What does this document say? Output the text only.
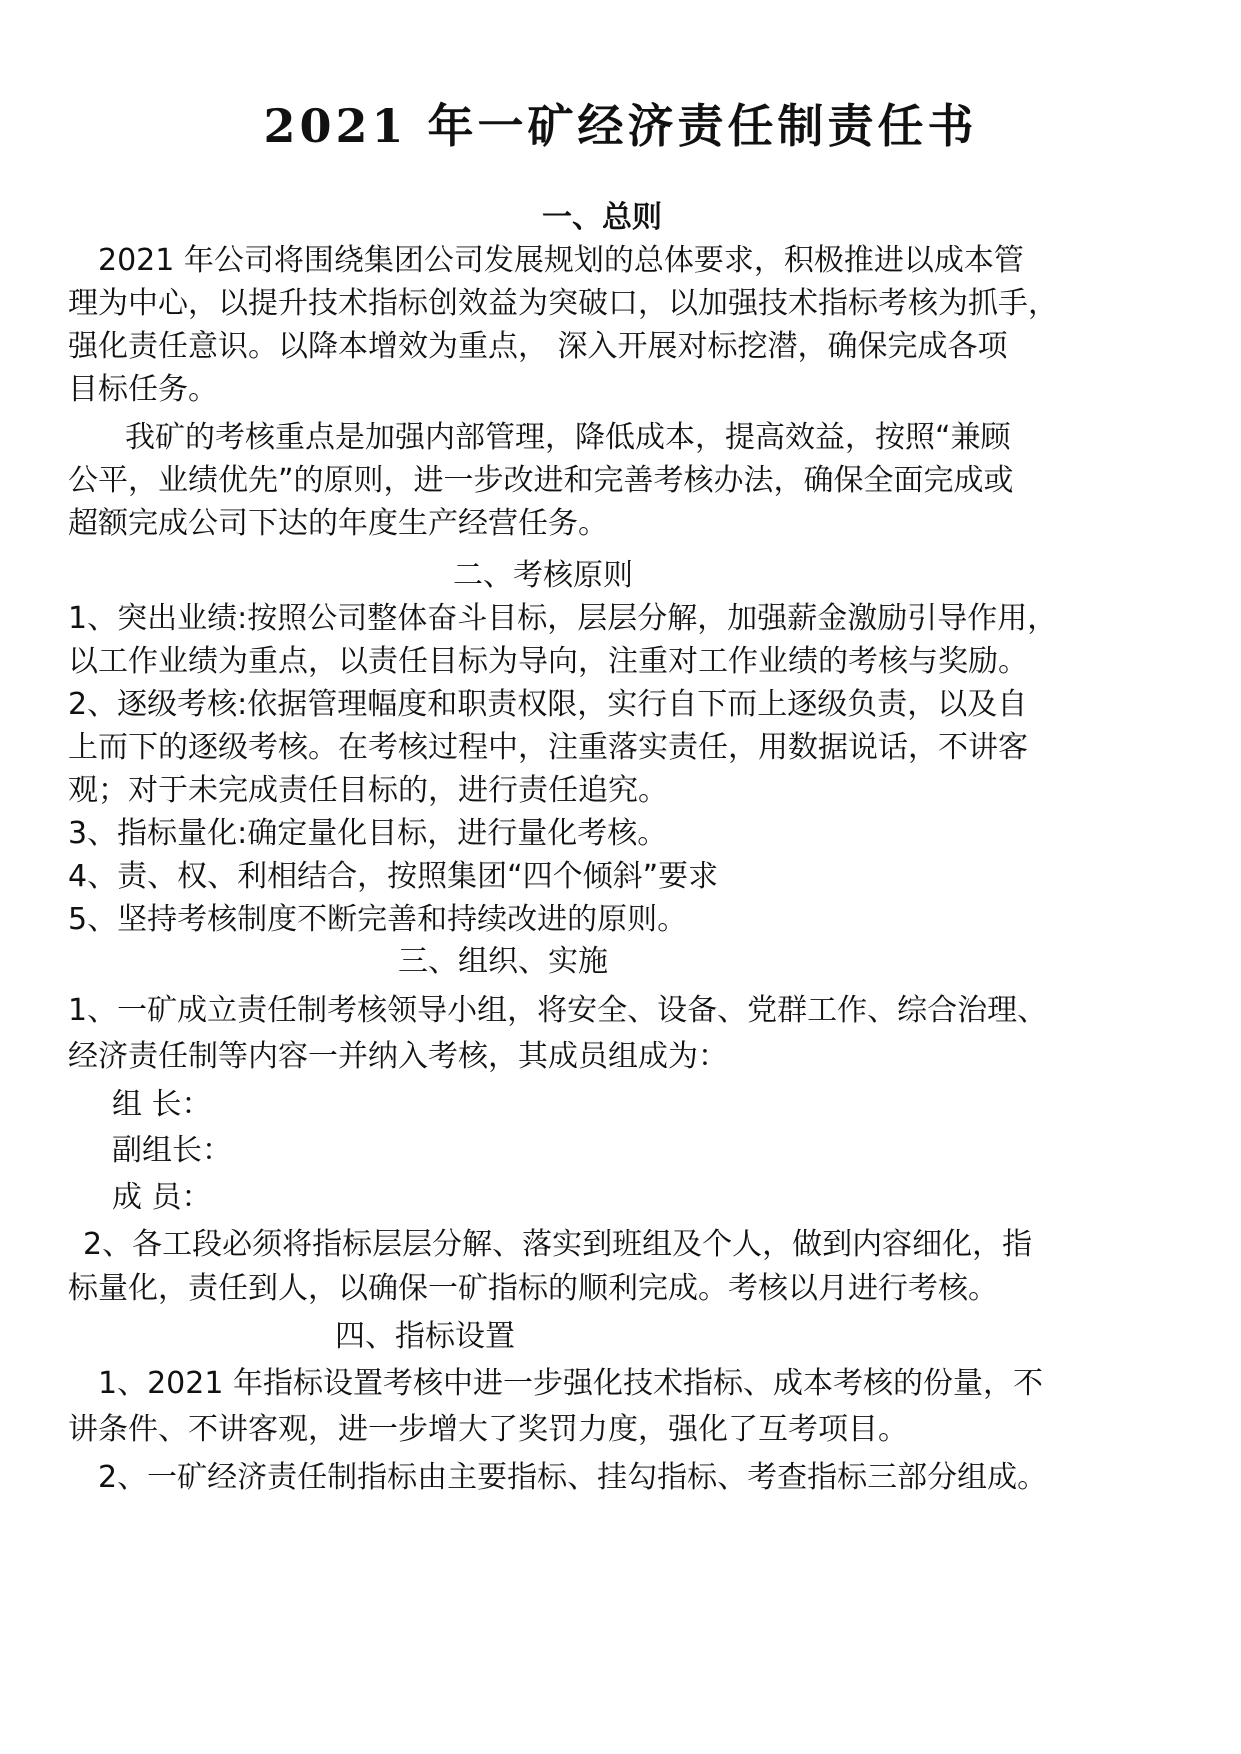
2021 年一矿经济责任制责任书
一、总则
2021 年公司将围绕集团公司发展规划的总体要求，积极推进以成本管
理为中心，以提升技术指标创效益为突破口，以加强技术指标考核为抓手，
强化责任意识。以降本增效为重点， 深入开展对标挖潜，确保完成各项
目标任务。
我矿的考核重点是加强内部管理，降低成本，提高效益，按照“兼顾
公平，业绩优先”的原则，进一步改进和完善考核办法，确保全面完成或
超额完成公司下达的年度生产经营任务。
二、考核原则
1、突出业绩:按照公司整体奋斗目标，层层分解，加强薪金激励引导作用，
以工作业绩为重点，以责任目标为导向，注重对工作业绩的考核与奖励。
2、逐级考核:依据管理幅度和职责权限，实行自下而上逐级负责，以及自
上而下的逐级考核。在考核过程中，注重落实责任，用数据说话，不讲客
观；对于未完成责任目标的，进行责任追究。
3、指标量化:确定量化目标，进行量化考核。
4、责、权、利相结合，按照集团“四个倾斜”要求
5、坚持考核制度不断完善和持续改进的原则。
三、组织、实施
1、一矿成立责任制考核领导小组，将安全、设备、党群工作、综合治理、
经济责任制等内容一并纳入考核，其成员组成为：
组 长：
副组长：
成 员：
2、各工段必须将指标层层分解、落实到班组及个人，做到内容细化，指
标量化，责任到人，以确保一矿指标的顺利完成。考核以月进行考核。
四、指标设置
1、2021 年指标设置考核中进一步强化技术指标、成本考核的份量，不
讲条件、不讲客观，进一步增大了奖罚力度，强化了互考项目。
2、一矿经济责任制指标由主要指标、挂勾指标、考查指标三部分组成。
